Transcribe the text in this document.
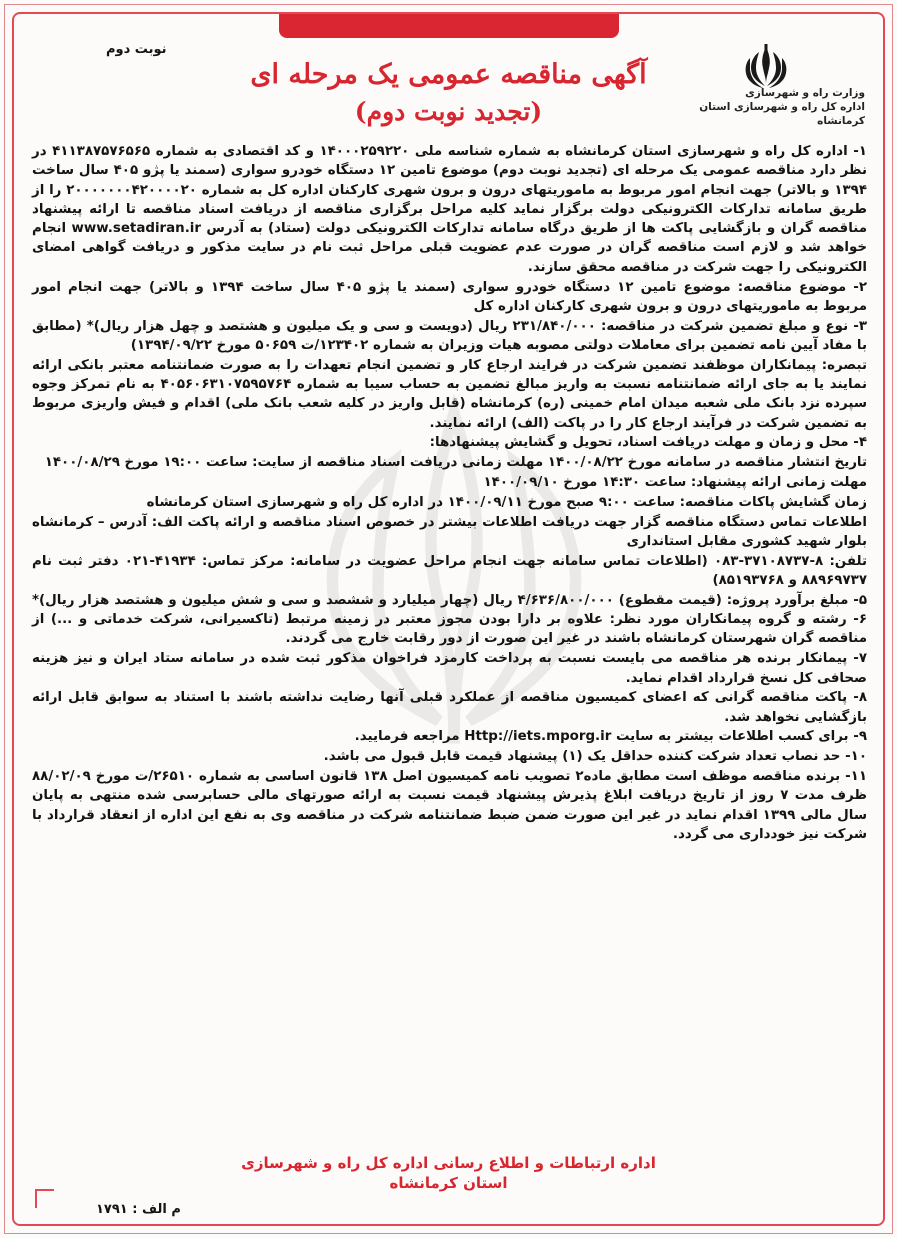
وزارت راه و شهرسازی
اداره کل راه و شهرسازی استان کرمانشاه
نوبت دوم
آگهی مناقصه عمومی یک مرحله ای
(تجدید نوبت دوم)

۱- اداره کل راه و شهرسازی استان کرمانشاه به شماره شناسه ملی ۱۴۰۰۰۲۵۹۲۲۰ و کد اقتصادی به شماره ۴۱۱۳۸۷۵۷۶۵۶۵ در نظر دارد مناقصه عمومی یک مرحله ای (تجدید نوبت دوم) موضوع تامین ۱۲ دستگاه خودرو سواری (سمند یا پژو ۴۰۵ سال ساخت ۱۳۹۴ و بالاتر) جهت انجام امور مربوط به ماموریتهای درون و برون شهری کارکنان اداره کل به شماره ۲۰۰۰۰۰۰۰۴۲۰۰۰۰۲۰ را از طریق سامانه تدارکات الکترونیکی دولت برگزار نماید کلیه مراحل برگزاری مناقصه از دریافت اسناد مناقصه تا ارائه پیشنهاد مناقصه گران و بازگشایی پاکت ها از طریق درگاه سامانه تدارکات الکترونیکی دولت (ستاد) به آدرس www.setadiran.ir انجام خواهد شد و لازم است مناقصه گران در صورت عدم عضویت قبلی مراحل ثبت نام در سایت مذکور و دریافت گواهی امضای الکترونیکی را جهت شرکت در مناقصه محقق سازند.

۲- موضوع مناقصه: موضوع تامین ۱۲ دستگاه خودرو سواری (سمند یا پژو ۴۰۵ سال ساخت ۱۳۹۴ و بالاتر) جهت انجام امور مربوط به ماموریتهای درون و برون شهری کارکنان اداره کل

۳- نوع و مبلغ تضمین شرکت در مناقصه: ۲۳۱/۸۴۰/۰۰۰ ریال (دویست و سی و یک میلیون و هشتصد و چهل هزار ریال)* (مطابق با مفاد آیین نامه تضمین برای معاملات دولتی مصوبه هیات وزیران به شماره ۱۲۳۴۰۲/ت ۵۰۶۵۹ مورخ ۱۳۹۴/۰۹/۲۲)

تبصره: پیمانکاران موظفند تضمین شرکت در فرایند ارجاع کار و تضمین انجام تعهدات را به صورت ضمانتنامه معتبر بانکی ارائه نمایند یا به جای ارائه ضمانتنامه نسبت به واریز مبالغ تضمین به حساب سیبا به شماره ۴۰۵۶۰۶۳۱۰۷۵۹۵۷۶۴ به نام تمرکز وجوه سپرده نزد بانک ملی شعبه میدان امام خمینی (ره) کرمانشاه (قابل واریز در کلیه شعب بانک ملی) اقدام و فیش واریزی مربوط به تضمین شرکت در فرآیند ارجاع کار را در پاکت (الف) ارائه نمایند.

۴- محل و زمان و مهلت دریافت اسناد، تحویل و گشایش پیشنهادها:

تاریخ انتشار مناقصه در سامانه مورخ ۱۴۰۰/۰۸/۲۲ مهلت زمانی دریافت اسناد مناقصه از سایت: ساعت ۱۹:۰۰ مورخ ۱۴۰۰/۰۸/۲۹

مهلت زمانی ارائه پیشنهاد: ساعت ۱۴:۳۰ مورخ ۱۴۰۰/۰۹/۱۰

زمان گشایش پاکات مناقصه: ساعت ۹:۰۰ صبح مورخ ۱۴۰۰/۰۹/۱۱ در اداره کل راه و شهرسازی استان کرمانشاه

اطلاعات تماس دستگاه مناقصه گزار جهت دریافت اطلاعات بیشتر در خصوص اسناد مناقصه و ارائه پاکت الف: آدرس – کرمانشاه بلوار شهید کشوری مقابل استانداری

تلفن: ۸-۳۷۱۰۸۷۳۷-۰۸۳ (اطلاعات تماس سامانه جهت انجام مراحل عضویت در سامانه: مرکز تماس: ۴۱۹۳۴-۰۲۱ دفتر ثبت نام ۸۸۹۶۹۷۳۷ و ۸۵۱۹۳۷۶۸)

۵- مبلغ برآورد پروژه: (قیمت مقطوع) ۴/۶۳۶/۸۰۰/۰۰۰ ریال (چهار میلیارد و ششصد و سی و شش میلیون و هشتصد هزار ریال)* ۶- رشته و گروه پیمانکاران مورد نظر: علاوه بر دارا بودن مجوز معتبر در زمینه مرتبط (تاکسیرانی، شرکت خدماتی و ...) از مناقصه گران شهرستان کرمانشاه باشند در غیر این صورت از دور رقابت خارج می گردند.

۷- پیمانکار برنده هر مناقصه می بایست نسبت به پرداخت کارمزد فراخوان مذکور ثبت شده در سامانه ستاد ایران و نیز هزینه صحافی کل نسخ قرارداد اقدام نماید.

۸- پاکت مناقصه گرانی که اعضای کمیسیون مناقصه از عملکرد قبلی آنها رضایت نداشته باشند با استناد به سوابق قابل ارائه بازگشایی نخواهد شد.

۹- برای کسب اطلاعات بیشتر به سایت Http://iets.mporg.ir مراجعه فرمایید.

۱۰- حد نصاب تعداد شرکت کننده حداقل یک (۱) پیشنهاد قیمت قابل قبول می باشد.

۱۱- برنده مناقصه موظف است مطابق ماده۲ تصویب نامه کمیسیون اصل ۱۳۸ قانون اساسی به شماره ۲۶۵۱۰/ت مورخ ۸۸/۰۲/۰۹ ظرف مدت ۷ روز از تاریخ دریافت ابلاغ پذیرش پیشنهاد قیمت نسبت به ارائه صورتهای مالی حسابرسی شده منتهی به پایان سال مالی ۱۳۹۹ اقدام نماید در غیر این صورت ضمن ضبط ضمانتنامه شرکت در مناقصه وی به نفع این اداره از انعقاد قرارداد با شرکت نیز خودداری می گردد.

اداره ارتباطات و اطلاع رسانی اداره کل راه و شهرسازی
استان کرمانشاه
م الف : ۱۷۹۱
